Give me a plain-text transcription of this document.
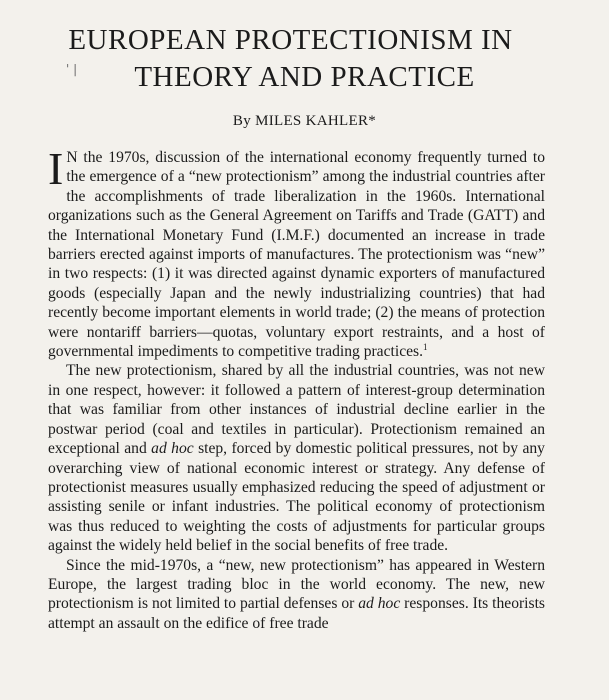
EUROPEAN PROTECTIONISM IN
' |	THEORY AND PRACTICE
By MILES KAHLER*

I N the 1970s, discussion of the international economy frequently turned to the emergence of a “new protectionism” among the industrial countries after the accomplishments of trade liberalization in the 1960s. International organizations such as the General Agreement on Tariffs and Trade (GATT) and the International Monetary Fund (I.M.F.) documented an increase in trade barriers erected against imports of manufactures. The protectionism was “new” in two respects: (1) it was directed against dynamic exporters of manufactured goods (especially Japan and the newly industrializing countries) that had recently become important elements in world trade; (2) the means of protection were nontariff barriers—quotas, voluntary export restraints, and a host of governmental impediments to competitive trading practices.$^1$

The new protectionism, shared by all the industrial countries, was not new in one respect, however: it followed a pattern of interest-group determination that was familiar from other instances of industrial decline earlier in the postwar period (coal and textiles in particular). Protectionism remained an exceptional and ad hoc step, forced by domestic political pressures, not by any overarching view of national economic interest or strategy. Any defense of protectionist measures usually emphasized reducing the speed of adjustment or assisting senile or infant industries. The political economy of protectionism was thus reduced to weighting the costs of adjustments for particular groups against the widely held belief in the social benefits of free trade.

Since the mid-1970s, a “new, new protectionism” has appeared in Western Europe, the largest trading bloc in the world economy. The new, new protectionism is not limited to partial defenses or ad hoc responses. Its theorists attempt an assault on the edifice of free trade
